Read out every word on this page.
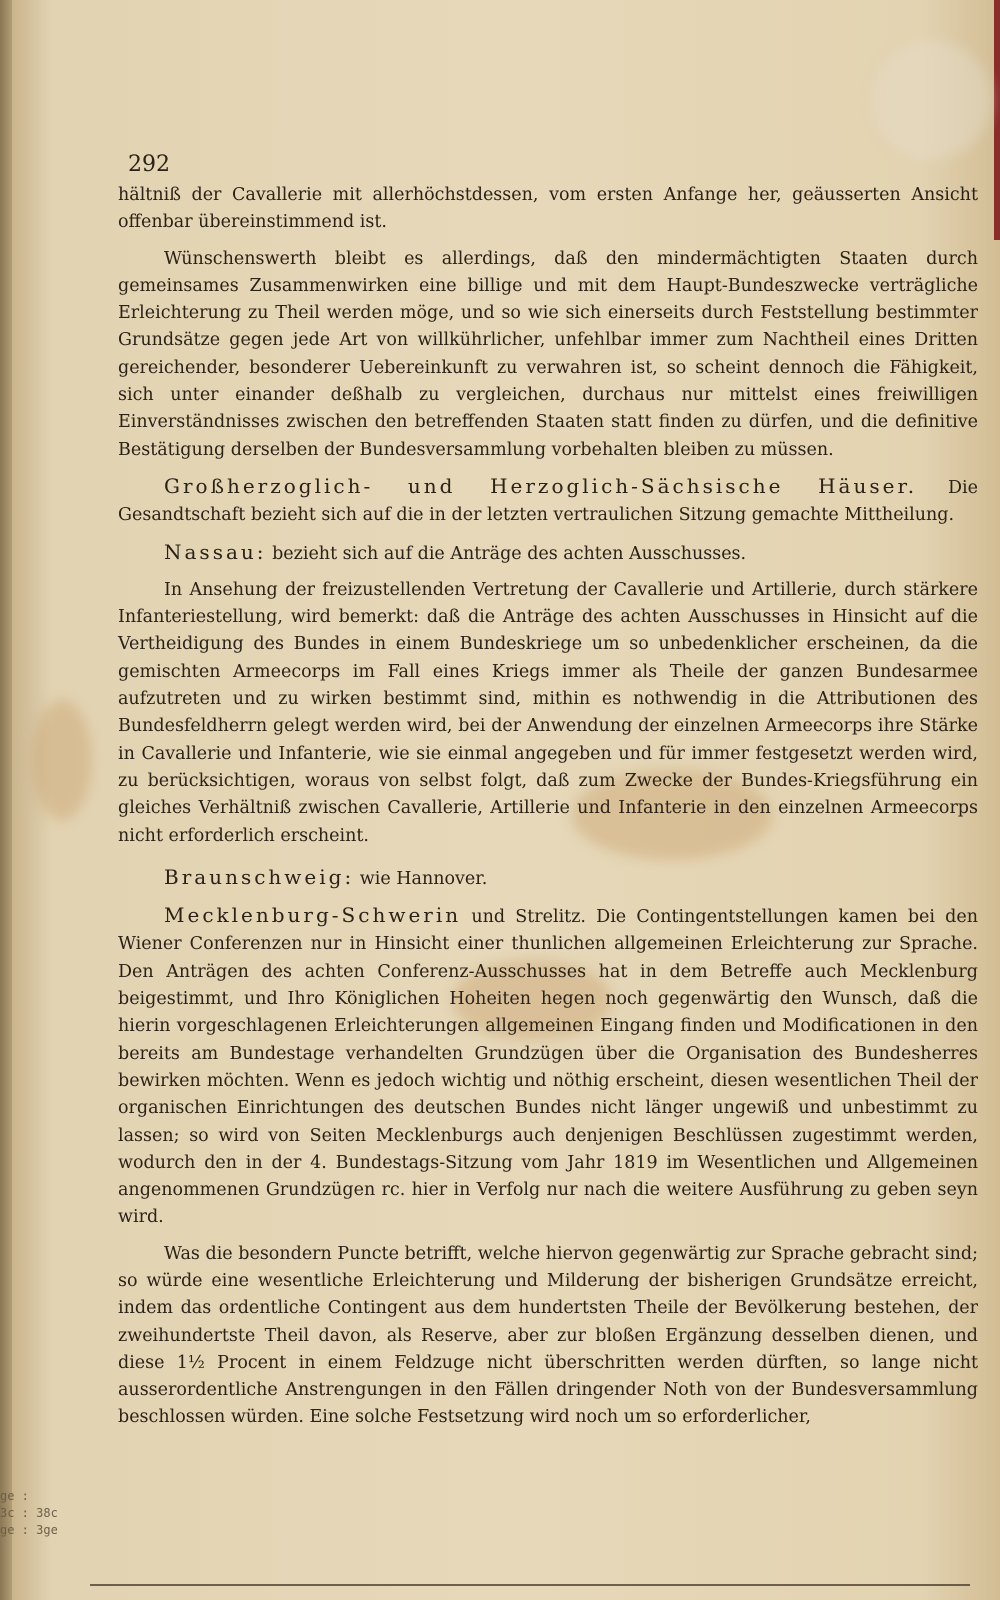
292

hältniß der Cavallerie mit allerhöchstdessen, vom ersten Anfange her, geäusserten Ansicht offenbar übereinstimmend ist.

Wünschenswerth bleibt es allerdings, daß den mindermächtigten Staaten durch gemeinsames Zusammenwirken eine billige und mit dem Haupt-Bundeszwecke verträgliche Erleichterung zu Theil werden möge, und so wie sich einerseits durch Feststellung bestimmter Grundsätze gegen jede Art von willkührlicher, unfehlbar immer zum Nachtheil eines Dritten gereichender, besonderer Uebereinkunft zu verwahren ist, so scheint dennoch die Fähigkeit, sich unter einander deßhalb zu vergleichen, durchaus nur mittelst eines freiwilligen Einverständnisses zwischen den betreffenden Staaten statt finden zu dürfen, und die definitive Bestätigung derselben der Bundesversammlung vorbehalten bleiben zu müssen.

Großherzoglich- und Herzoglich-Sächsische Häuser. Die Gesandtschaft bezieht sich auf die in der letzten vertraulichen Sitzung gemachte Mittheilung.

Nassau: bezieht sich auf die Anträge des achten Ausschusses.

In Ansehung der freizustellenden Vertretung der Cavallerie und Artillerie, durch stärkere Infanteriestellung, wird bemerkt: daß die Anträge des achten Ausschusses in Hinsicht auf die Vertheidigung des Bundes in einem Bundeskriege um so unbedenklicher erscheinen, da die gemischten Armeecorps im Fall eines Kriegs immer als Theile der ganzen Bundesarmee aufzutreten und zu wirken bestimmt sind, mithin es nothwendig in die Attributionen des Bundesfeldherrn gelegt werden wird, bei der Anwendung der einzelnen Armeecorps ihre Stärke in Cavallerie und Infanterie, wie sie einmal angegeben und für immer festgesetzt werden wird, zu berücksichtigen, woraus von selbst folgt, daß zum Zwecke der Bundes-Kriegsführung ein gleiches Verhältniß zwischen Cavallerie, Artillerie und Infanterie in den einzelnen Armeecorps nicht erforderlich erscheint.

Braunschweig: wie Hannover.

Mecklenburg-Schwerin und Strelitz. Die Contingentstellungen kamen bei den Wiener Conferenzen nur in Hinsicht einer thunlichen allgemeinen Erleichterung zur Sprache. Den Anträgen des achten Conferenz-Ausschusses hat in dem Betreffe auch Mecklenburg beigestimmt, und Ihro Königlichen Hoheiten hegen noch gegenwärtig den Wunsch, daß die hierin vorgeschlagenen Erleichterungen allgemeinen Eingang finden und Modificationen in den bereits am Bundestage verhandelten Grundzügen über die Organisation des Bundesherres bewirken möchten. Wenn es jedoch wichtig und nöthig erscheint, diesen wesentlichen Theil der organischen Einrichtungen des deutschen Bundes nicht länger ungewiß und unbestimmt zu lassen; so wird von Seiten Mecklenburgs auch denjenigen Beschlüssen zugestimmt werden, wodurch den in der 4. Bundestags-Sitzung vom Jahr 1819 im Wesentlichen und Allgemeinen angenommenen Grundzügen rc. hier in Verfolg nur nach die weitere Ausführung zu geben seyn wird.

Was die besondern Puncte betrifft, welche hiervon gegenwärtig zur Sprache gebracht sind; so würde eine wesentliche Erleichterung und Milderung der bisherigen Grundsätze erreicht, indem das ordentliche Contingent aus dem hundertsten Theile der Bevölkerung bestehen, der zweihundertste Theil davon, als Reserve, aber zur bloßen Ergänzung desselben dienen, und diese 1½ Procent in einem Feldzuge nicht überschritten werden dürften, so lange nicht ausserordentliche Anstrengungen in den Fällen dringender Noth von der Bundesversammlung beschlossen würden. Eine solche Festsetzung wird noch um so erforderlicher,

ge :
3c : 38c
ge : 3ge
